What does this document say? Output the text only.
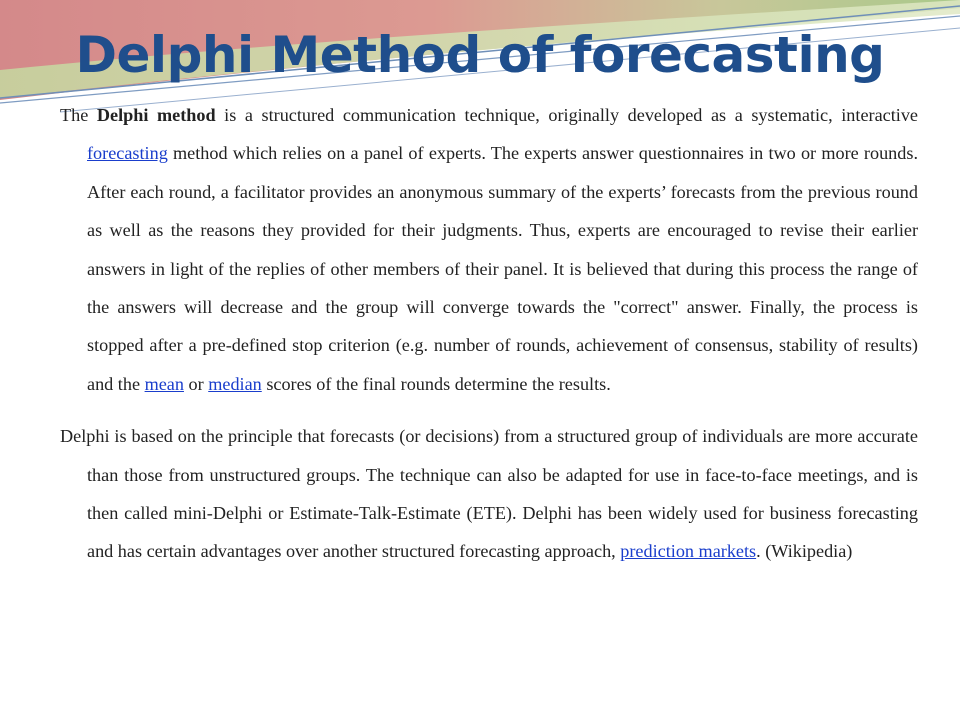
Delphi Method of forecasting

The Delphi method is a structured communication technique, originally developed as a systematic, interactive forecasting method which relies on a panel of experts. The experts answer questionnaires in two or more rounds. After each round, a facilitator provides an anonymous summary of the experts’ forecasts from the previous round as well as the reasons they provided for their judgments. Thus, experts are encouraged to revise their earlier answers in light of the replies of other members of their panel. It is believed that during this process the range of the answers will decrease and the group will converge towards the "correct" answer. Finally, the process is stopped after a pre-defined stop criterion (e.g. number of rounds, achievement of consensus, stability of results) and the mean or median scores of the final rounds determine the results.

Delphi is based on the principle that forecasts (or decisions) from a structured group of individuals are more accurate than those from unstructured groups. The technique can also be adapted for use in face-to-face meetings, and is then called mini-Delphi or Estimate-Talk-Estimate (ETE). Delphi has been widely used for business forecasting and has certain advantages over another structured forecasting approach, prediction markets. (Wikipedia)
